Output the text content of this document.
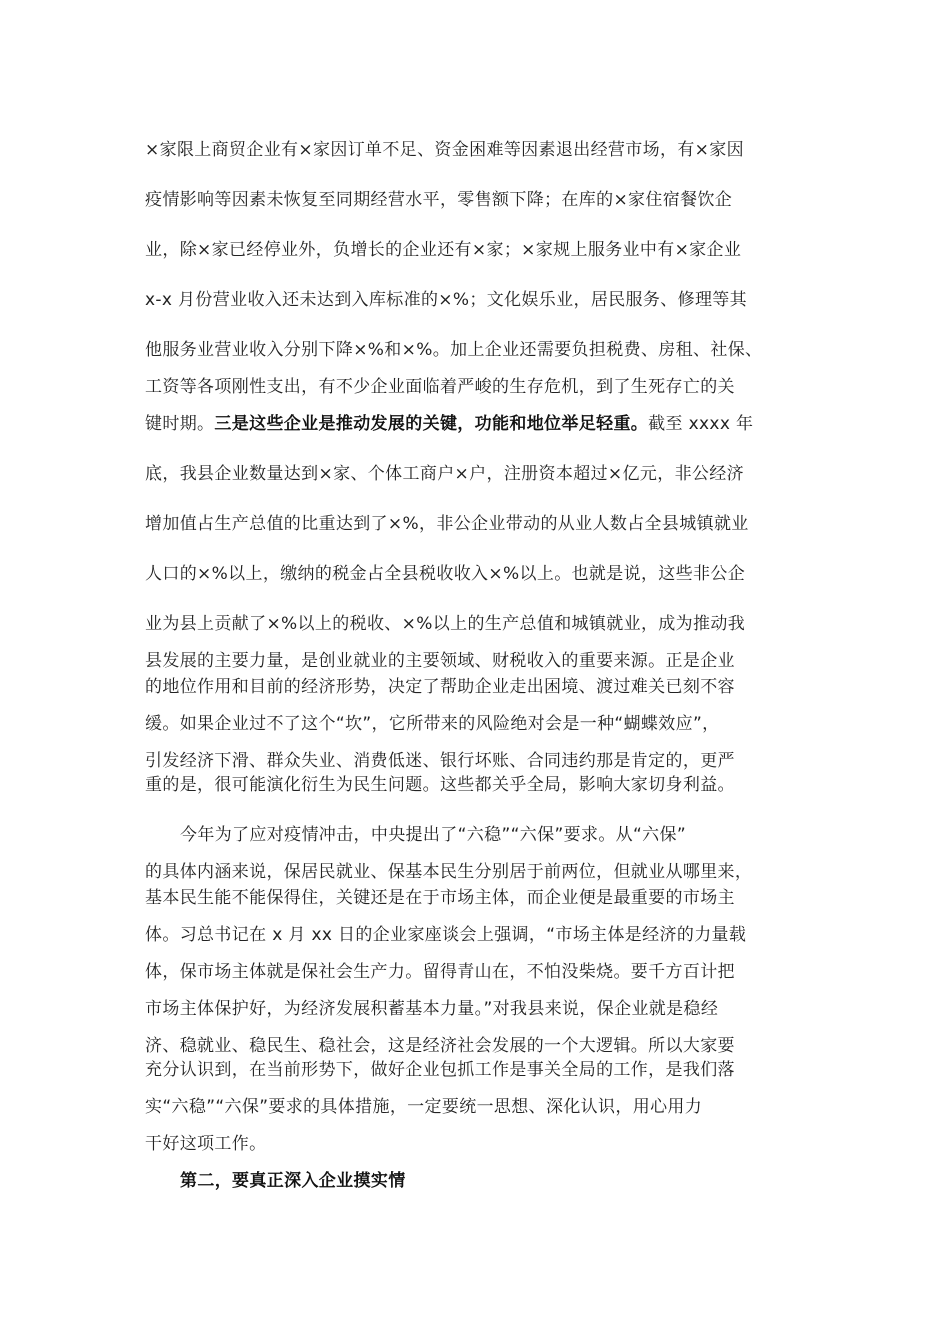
×家限上商贸企业有×家因订单不足、资金困难等因素退出经营市场，有×家因
疫情影响等因素未恢复至同期经营水平，零售额下降；在库的×家住宿餐饮企
业，除×家已经停业外，负增长的企业还有×家；×家规上服务业中有×家企业
x-x 月份营业收入还未达到入库标准的×%；文化娱乐业，居民服务、修理等其
他服务业营业收入分别下降×%和×%。加上企业还需要负担税费、房租、社保、
工资等各项刚性支出，有不少企业面临着严峻的生存危机，到了生死存亡的关
键时期。三是这些企业是推动发展的关键，功能和地位举足轻重。截至 xxxx 年
底，我县企业数量达到×家、个体工商户×户，注册资本超过×亿元，非公经济
增加值占生产总值的比重达到了×%，非公企业带动的从业人数占全县城镇就业
人口的×%以上，缴纳的税金占全县税收收入×%以上。也就是说，这些非公企
业为县上贡献了×%以上的税收、×%以上的生产总值和城镇就业，成为推动我
县发展的主要力量，是创业就业的主要领域、财税收入的重要来源。正是企业
的地位作用和目前的经济形势，决定了帮助企业走出困境、渡过难关已刻不容
缓。如果企业过不了这个“坎”，它所带来的风险绝对会是一种“蝴蝶效应”，
引发经济下滑、群众失业、消费低迷、银行坏账、合同违约那是肯定的，更严
重的是，很可能演化衍生为民生问题。这些都关乎全局，影响大家切身利益。
今年为了应对疫情冲击，中央提出了“六稳”“六保”要求。从“六保”
的具体内涵来说，保居民就业、保基本民生分别居于前两位，但就业从哪里来，
基本民生能不能保得住，关键还是在于市场主体，而企业便是最重要的市场主
体。习总书记在 x 月 xx 日的企业家座谈会上强调，“市场主体是经济的力量载
体，保市场主体就是保社会生产力。留得青山在，不怕没柴烧。要千方百计把
市场主体保护好，为经济发展积蓄基本力量。”对我县来说，保企业就是稳经
济、稳就业、稳民生、稳社会，这是经济社会发展的一个大逻辑。所以大家要
充分认识到，在当前形势下，做好企业包抓工作是事关全局的工作，是我们落
实“六稳”“六保”要求的具体措施，一定要统一思想、深化认识，用心用力
干好这项工作。
第二，要真正深入企业摸实情
